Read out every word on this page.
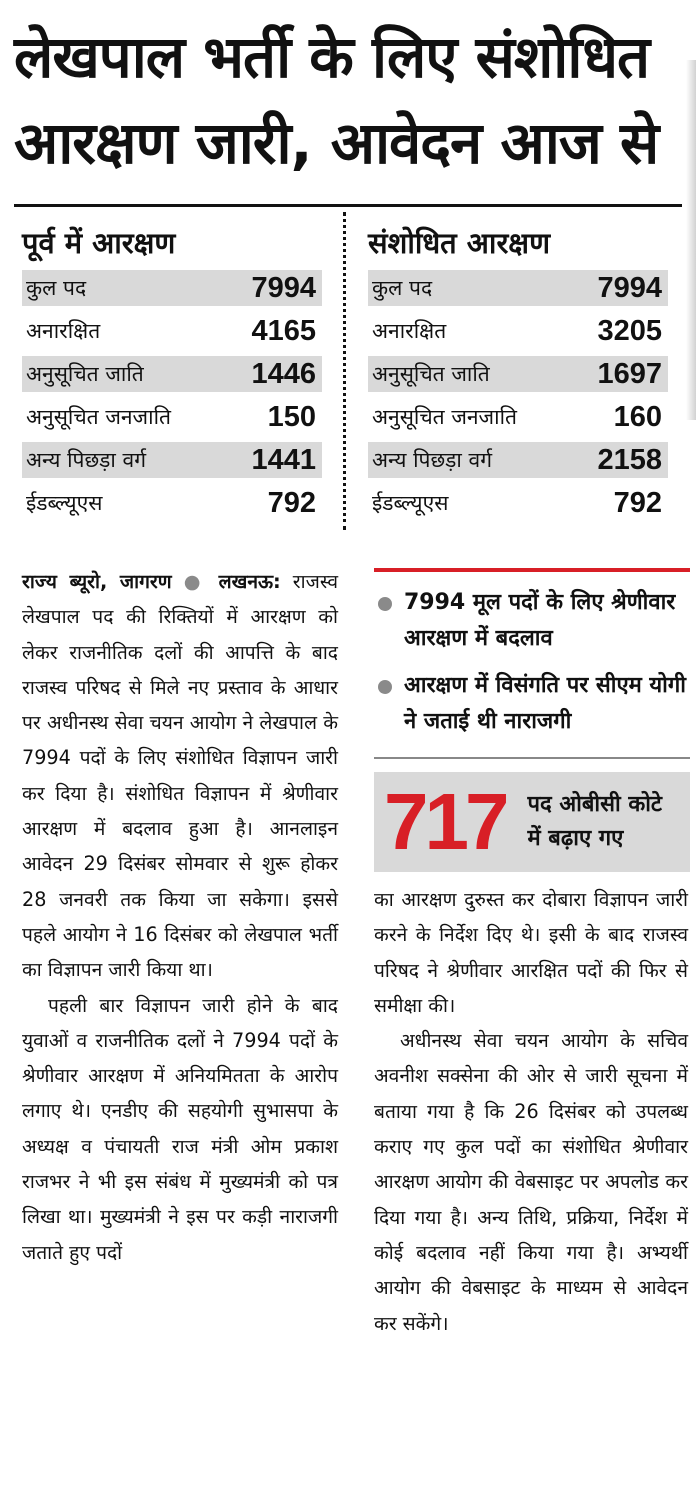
लेखपाल भर्ती के लिए संशोधित
आरक्षण जारी, आवेदन आज से
पूर्व में आरक्षण
कुल पद	7994
अनारक्षित	4165
अनुसूचित जाति	1446
अनुसूचित जनजाति	150
अन्य पिछड़ा वर्ग	1441
ईडब्ल्यूएस	792
संशोधित आरक्षण
कुल पद	7994
अनारक्षित	3205
अनुसूचित जाति	1697
अनुसूचित जनजाति	160
अन्य पिछड़ा वर्ग	2158
ईडब्ल्यूएस	792

राज्य ब्यूरो, जागरण ● लखनऊ: राजस्व लेखपाल पद की रिक्तियों में आरक्षण को लेकर राजनीतिक दलों की आपत्ति के बाद राजस्व परिषद से मिले नए प्रस्ताव के आधार पर अधीनस्थ सेवा चयन आयोग ने लेखपाल के 7994 पदों के लिए संशोधित विज्ञापन जारी कर दिया है। संशोधित विज्ञापन में श्रेणीवार आरक्षण में बदलाव हुआ है। आनलाइन आवेदन 29 दिसंबर सोमवार से शुरू होकर 28 जनवरी तक किया जा सकेगा। इससे पहले आयोग ने 16 दिसंबर को लेखपाल भर्ती का विज्ञापन जारी किया था।

पहली बार विज्ञापन जारी होने के बाद युवाओं व राजनीतिक दलों ने 7994 पदों के श्रेणीवार आरक्षण में अनियमितता के आरोप लगाए थे। एनडीए की सहयोगी सुभासपा के अध्यक्ष व पंचायती राज मंत्री ओम प्रकाश राजभर ने भी इस संबंध में मुख्यमंत्री को पत्र लिखा था। मुख्यमंत्री ने इस पर कड़ी नाराजगी जताते हुए पदों

7994 मूल पदों के लिए श्रेणीवार आरक्षण में बदलाव
आरक्षण में विसंगति पर सीएम योगी ने जताई थी नाराजगी
717 पद ओबीसी कोटे
में बढ़ाए गए

का आरक्षण दुरुस्त कर दोबारा विज्ञापन जारी करने के निर्देश दिए थे। इसी के बाद राजस्व परिषद ने श्रेणीवार आरक्षित पदों की फिर से समीक्षा की।

अधीनस्थ सेवा चयन आयोग के सचिव अवनीश सक्सेना की ओर से जारी सूचना में बताया गया है कि 26 दिसंबर को उपलब्ध कराए गए कुल पदों का संशोधित श्रेणीवार आरक्षण आयोग की वेबसाइट पर अपलोड कर दिया गया है। अन्य तिथि, प्रक्रिया, निर्देश में कोई बदलाव नहीं किया गया है। अभ्यर्थी आयोग की वेबसाइट के माध्यम से आवेदन कर सकेंगे।
